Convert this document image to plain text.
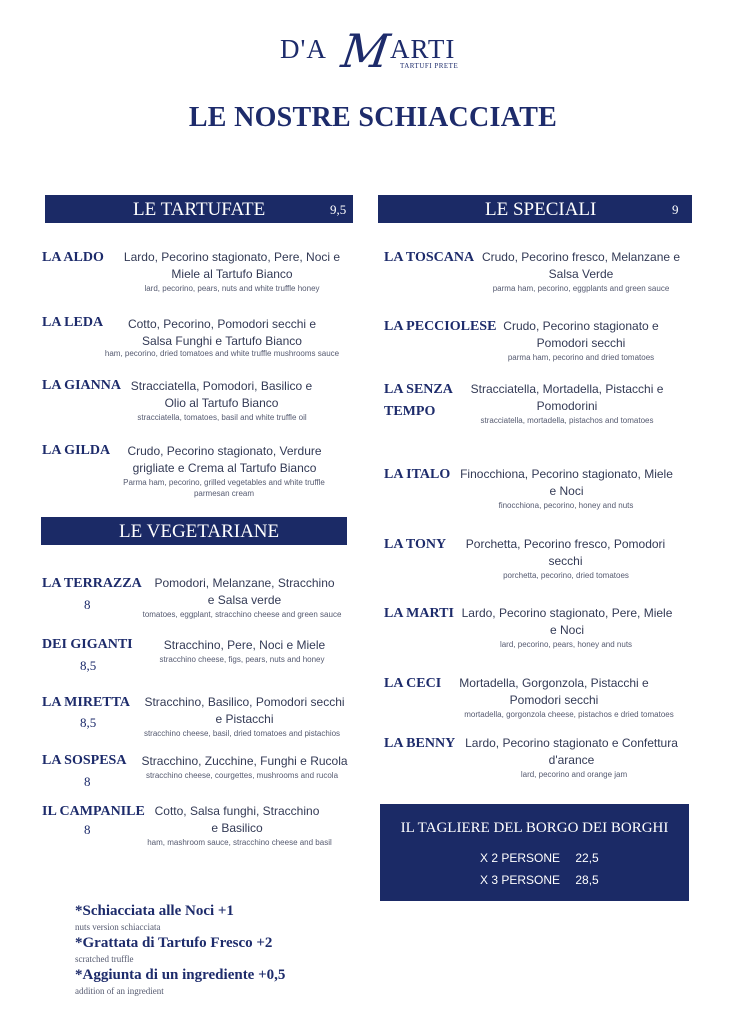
D'A M
ARTI
TARTUFI PRETE
LE NOSTRE SCHIACCIATE
LE TARTUFATE	9,5	LE SPECIALI	9
LE VEGETARIANE
LA ALDO	Lardo, Pecorino stagionato, Pere, Noci e
Miele al Tartufo Bianco
lard, pecorino, pears, nuts and white truffle honey
LA LEDA	Cotto, Pecorino, Pomodori secchi e
Salsa Funghi e Tartufo Bianco
ham, pecorino, dried tomatoes and white truffle mushrooms sauce
LA GIANNA Stracciatella, Pomodori, Basilico e
Olio al Tartufo Bianco
stracciatella, tomatoes, basil and white truffle oil
LA GILDA	Crudo, Pecorino stagionato, Verdure
grigliate e Crema al Tartufo Bianco
Parma ham, pecorino, grilled vegetables and white truffle
parmesan cream
LA TERRAZZA
8
Pomodori, Melanzane, Stracchino
e Salsa verde
tomatoes, eggplant, stracchino cheese and green sauce
DEI GIGANTI
8,5
Stracchino, Pere, Noci e Miele
stracchino cheese, figs, pears, nuts and honey
LA MIRETTA
8,5
Stracchino, Basilico, Pomodori secchi
e Pistacchi
stracchino cheese, basil, dried tomatoes and pistachios
LA SOSPESA
8
Stracchino, Zucchine, Funghi e Rucola
stracchino cheese, courgettes, mushrooms and rucola
IL CAMPANILE
8
Cotto, Salsa funghi, Stracchino
e Basilico
ham, mashroom sauce, stracchino cheese and basil
LA TOSCANA Crudo, Pecorino fresco, Melanzane e
Salsa Verde
parma ham, pecorino, eggplants and green sauce
LA PECCIOLESE Crudo, Pecorino stagionato e
Pomodori secchi
parma ham, pecorino and dried tomatoes
LA SENZA
TEMPO
Stracciatella, Mortadella, Pistacchi e
Pomodorini
stracciatella, mortadella, pistachos and tomatoes
LA ITALO Finocchiona, Pecorino stagionato, Miele
e Noci
finocchiona, pecorino, honey and nuts
LA TONY	Porchetta, Pecorino fresco, Pomodori
secchi
porchetta, pecorino, dried tomatoes
LA MARTI Lardo, Pecorino stagionato, Pere, Miele
e Noci
lard, pecorino, pears, honey and nuts
LA CECI	Mortadella, Gorgonzola, Pistacchi e
Pomodori secchi
mortadella, gorgonzola cheese, pistachos e dried tomatoes
LA BENNY Lardo, Pecorino stagionato e Confettura
d'arance
lard, pecorino and orange jam
IL TAGLIERE DEL BORGO DEI BORGHI
X 2 PERSONE 22,5
X 3 PERSONE 28,5
*Schiacciata alle Noci +1
nuts version schiacciata
*Grattata di Tartufo Fresco +2
scratched truffle
*Aggiunta di un ingrediente +0,5
addition of an ingredient
